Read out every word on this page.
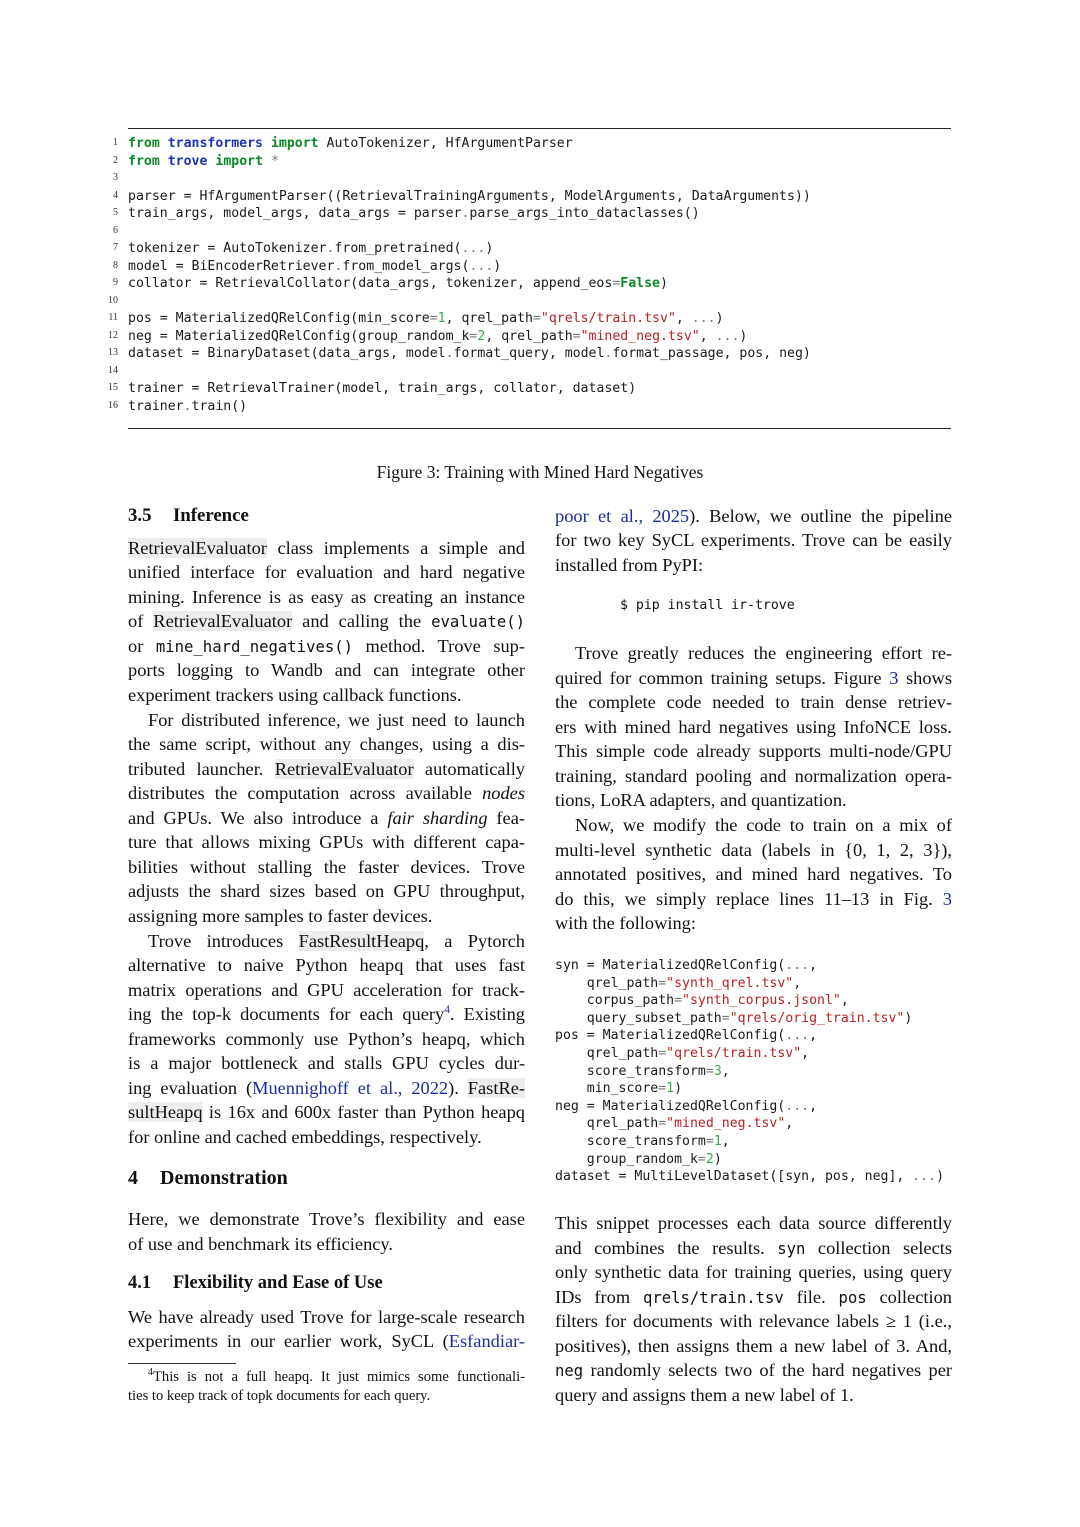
1 from transformers import AutoTokenizer, HfArgumentParser
2 from trove import *
3
4 parser = HfArgumentParser((RetrievalTrainingArguments, ModelArguments, DataArguments))
5 train_args, model_args, data_args = parser.parse_args_into_dataclasses()
6
7 tokenizer = AutoTokenizer.from_pretrained(...)
8 model = BiEncoderRetriever.from_model_args(...)
9 collator = RetrievalCollator(data_args, tokenizer, append_eos=False)
10
11 pos = MaterializedQRelConfig(min_score=1, qrel_path="qrels/train.tsv", ...)
12 neg = MaterializedQRelConfig(group_random_k=2, qrel_path="mined_neg.tsv", ...)
13 dataset = BinaryDataset(data_args, model.format_query, model.format_passage, pos, neg)
14
15 trainer = RetrievalTrainer(model, train_args, collator, dataset)
16 trainer.train()
Figure 3: Training with Mined Hard Negatives
3.5 Inference
RetrievalEvaluator class implements a simple and
unified interface for evaluation and hard negative
mining. Inference is as easy as creating an instance
of RetrievalEvaluator and calling the evaluate()
or mine_hard_negatives() method. Trove sup-
ports logging to Wandb and can integrate other
experiment trackers using callback functions.
For distributed inference, we just need to launch
the same script, without any changes, using a dis-
tributed launcher. RetrievalEvaluator automatically
distributes the computation across available nodes
and GPUs. We also introduce a fair sharding fea-
ture that allows mixing GPUs with different capa-
bilities without stalling the faster devices. Trove
adjusts the shard sizes based on GPU throughput,
assigning more samples to faster devices.
Trove introduces FastResultHeapq, a Pytorch
alternative to naive Python heapq that uses fast
matrix operations and GPU acceleration for track-
ing the top-k documents for each query$^4$. Existing
frameworks commonly use Python’s heapq, which
is a major bottleneck and stalls GPU cycles dur-
ing evaluation (Muennighoff et al., 2022). FastRe-
sultHeapq is 16x and 600x faster than Python heapq
for online and cached embeddings, respectively.
4 Demonstration
Here, we demonstrate Trove’s flexibility and ease
of use and benchmark its efficiency.
4.1 Flexibility and Ease of Use
We have already used Trove for large-scale research
experiments in our earlier work, SyCL (Esfandiar-
$^4$This is not a full heapq. It just mimics some functionali-
ties to keep track of topk documents for each query.
poor et al., 2025). Below, we outline the pipeline
for two key SyCL experiments. Trove can be easily
installed from PyPI:
$ pip install ir-trove
Trove greatly reduces the engineering effort re-
quired for common training setups. Figure 3 shows
the complete code needed to train dense retriev-
ers with mined hard negatives using InfoNCE loss.
This simple code already supports multi-node/GPU
training, standard pooling and normalization opera-
tions, LoRA adapters, and quantization.
Now, we modify the code to train on a mix of
multi-level synthetic data (labels in {0, 1, 2, 3}),
annotated positives, and mined hard negatives. To
do this, we simply replace lines 11–13 in Fig. 3
with the following:
syn = MaterializedQRelConfig(...,
qrel_path="synth_qrel.tsv",
corpus_path="synth_corpus.jsonl",
query_subset_path="qrels/orig_train.tsv")
pos = MaterializedQRelConfig(...,
qrel_path="qrels/train.tsv",
score_transform=3,
min_score=1)
neg = MaterializedQRelConfig(...,
qrel_path="mined_neg.tsv",
score_transform=1,
group_random_k=2)
dataset = MultiLevelDataset([syn, pos, neg], ...)
This snippet processes each data source differently
and combines the results. syn collection selects
only synthetic data for training queries, using query
IDs from qrels/train.tsv file. pos collection
filters for documents with relevance labels ≥ 1 (i.e.,
positives), then assigns them a new label of 3. And,
neg randomly selects two of the hard negatives per
query and assigns them a new label of 1.
